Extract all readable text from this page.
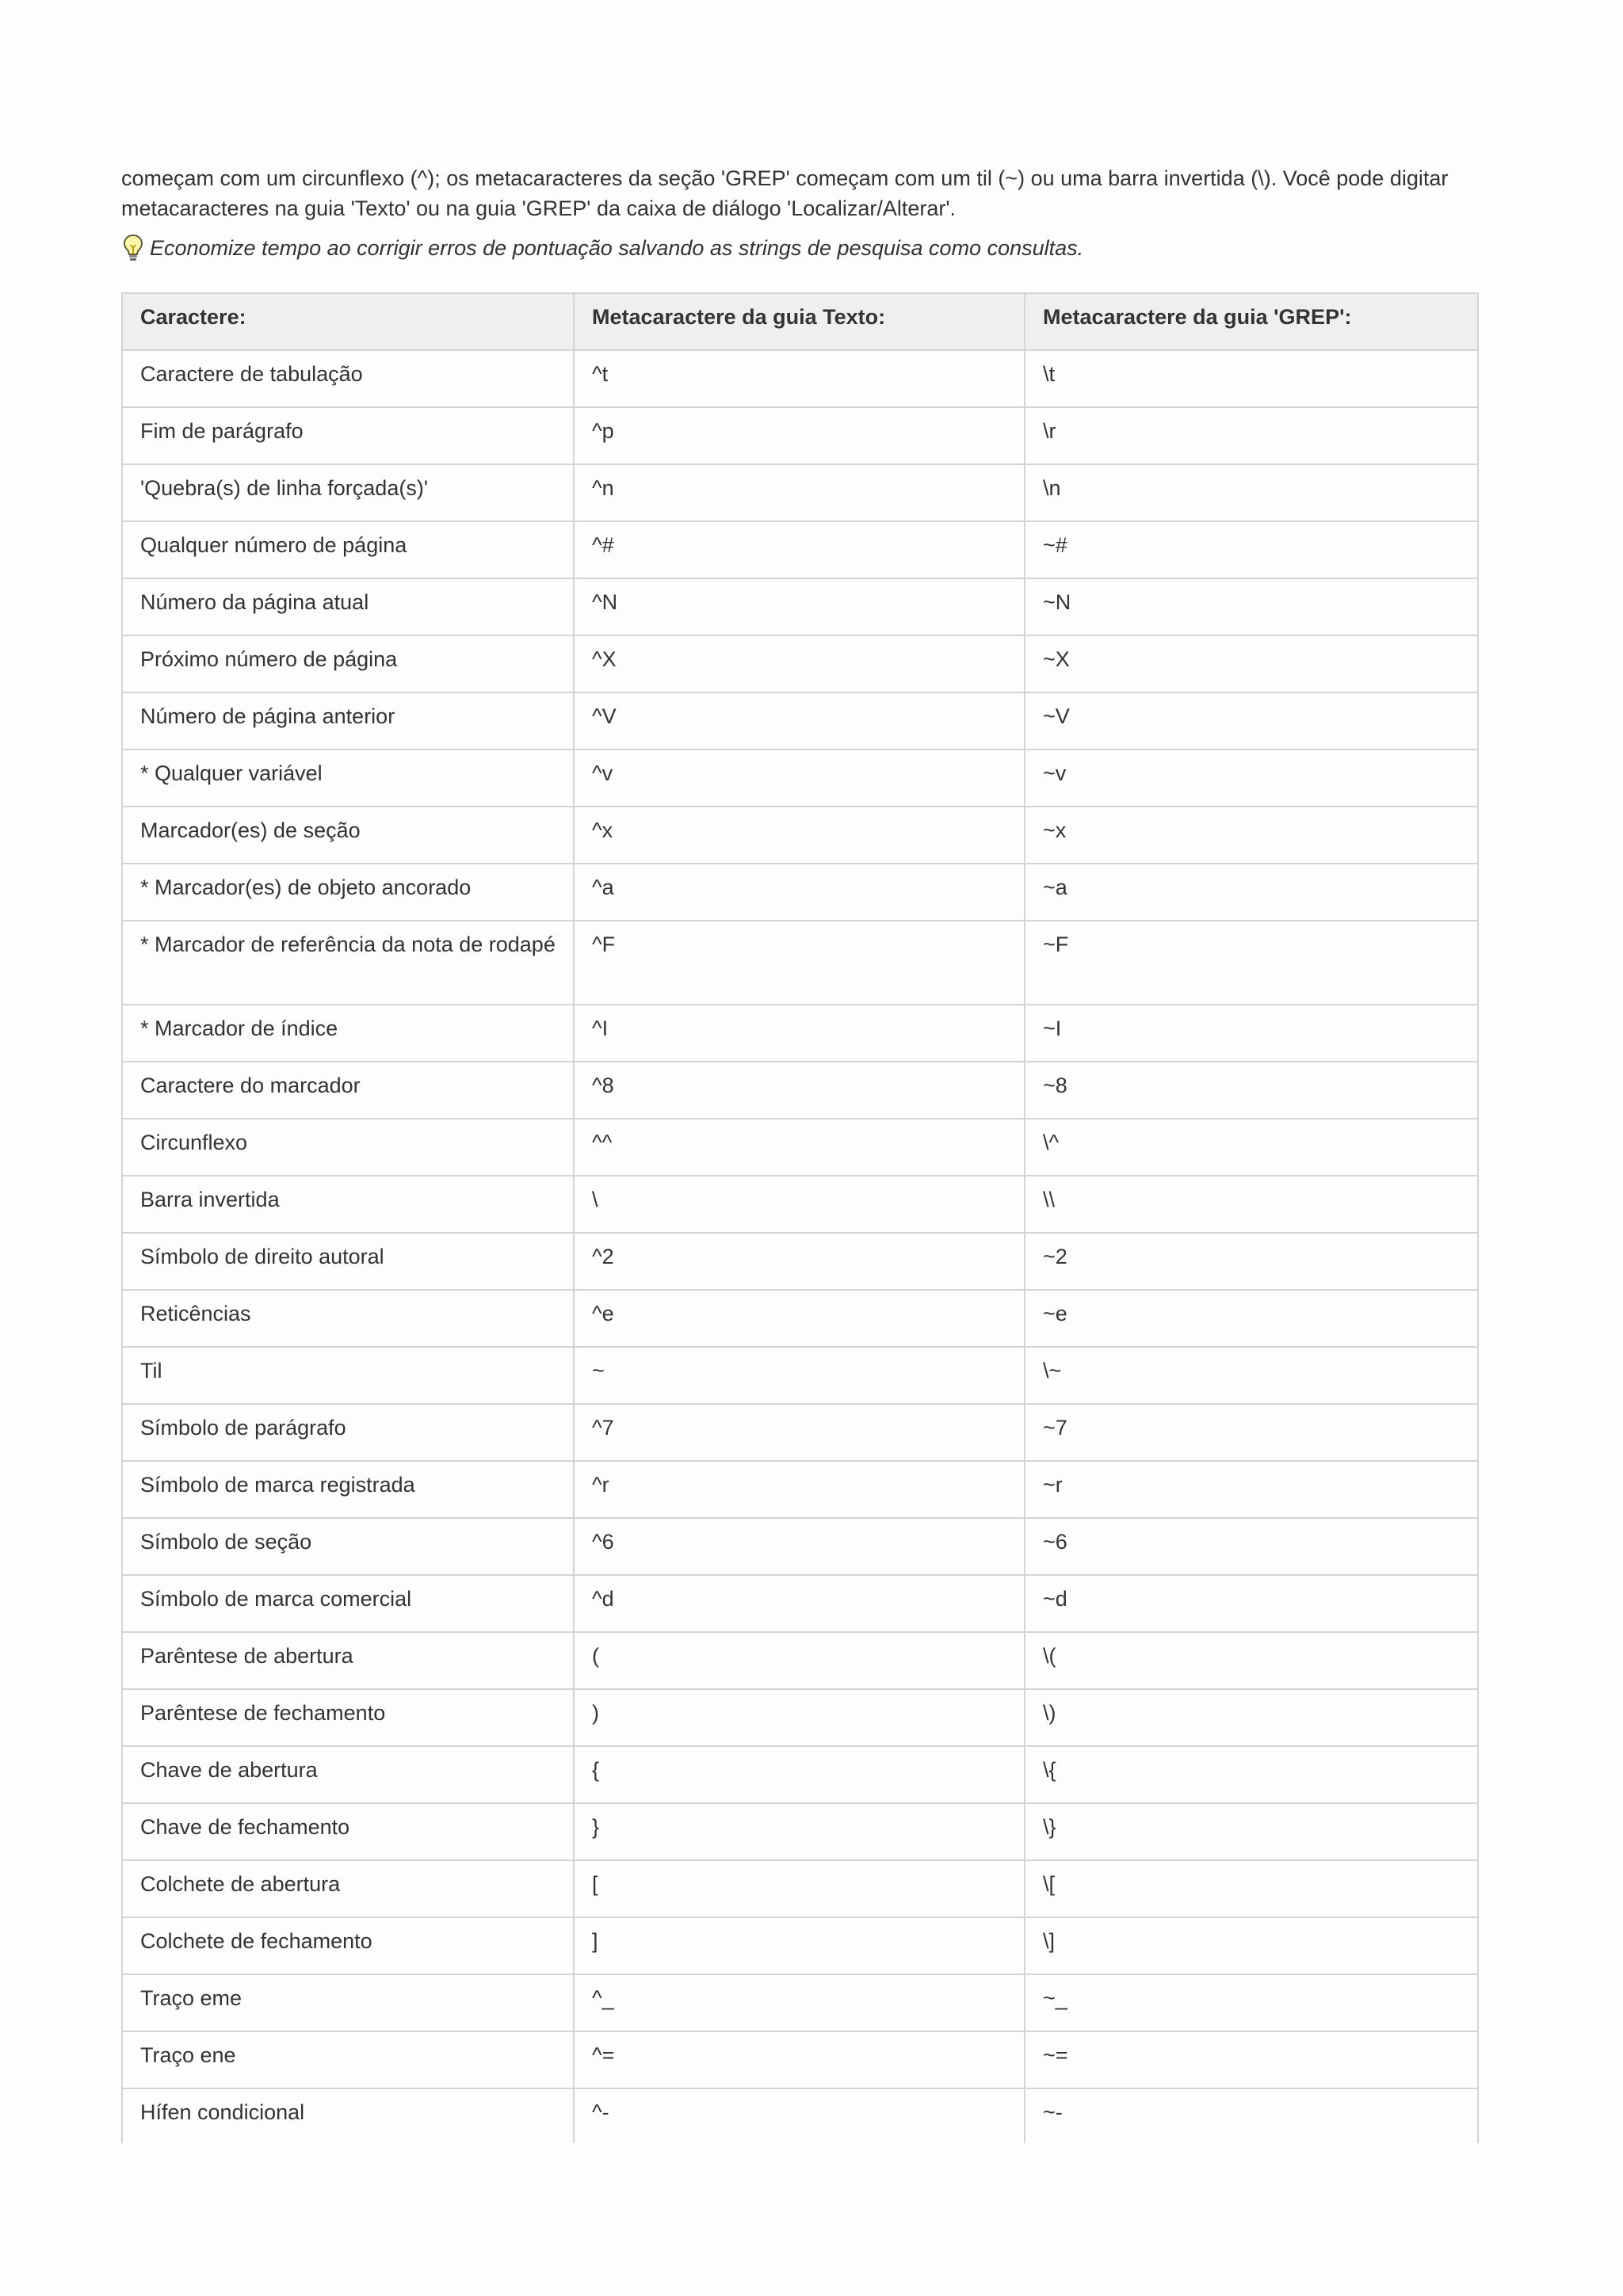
começam com um circunflexo (^); os metacaracteres da seção 'GREP' começam com um til (~) ou uma barra invertida (\). Você pode digitar metacaracteres na guia 'Texto' ou na guia 'GREP' da caixa de diálogo 'Localizar/Alterar'.

Economize tempo ao corrigir erros de pontuação salvando as strings de pesquisa como consultas.
Caractere:	Metacaractere da guia Texto:	Metacaractere da guia 'GREP':
Caractere de tabulação	^t	\t
Fim de parágrafo	^p	\r
'Quebra(s) de linha forçada(s)'	^n	\n
Qualquer número de página	^#	~#
Número da página atual	^N	~N
Próximo número de página	^X	~X
Número de página anterior	^V	~V
* Qualquer variável	^v	~v
Marcador(es) de seção	^x	~x
* Marcador(es) de objeto ancorado	^a	~a
* Marcador de referência da nota de rodapé	^F	~F
* Marcador de índice	^I	~I
Caractere do marcador	^8	~8
Circunflexo	^^	\^
Barra invertida	\	\\
Símbolo de direito autoral	^2	~2
Reticências	^e	~e
Til	~	\~
Símbolo de parágrafo	^7	~7
Símbolo de marca registrada	^r	~r
Símbolo de seção	^6	~6
Símbolo de marca comercial	^d	~d
Parêntese de abertura	(	\(
Parêntese de fechamento	)	\)
Chave de abertura	{	\{
Chave de fechamento	}	\}
Colchete de abertura	[	\[
Colchete de fechamento	]	\]
Traço eme	^_	~_
Traço ene	^=	~=
Hífen condicional	^-	~-
